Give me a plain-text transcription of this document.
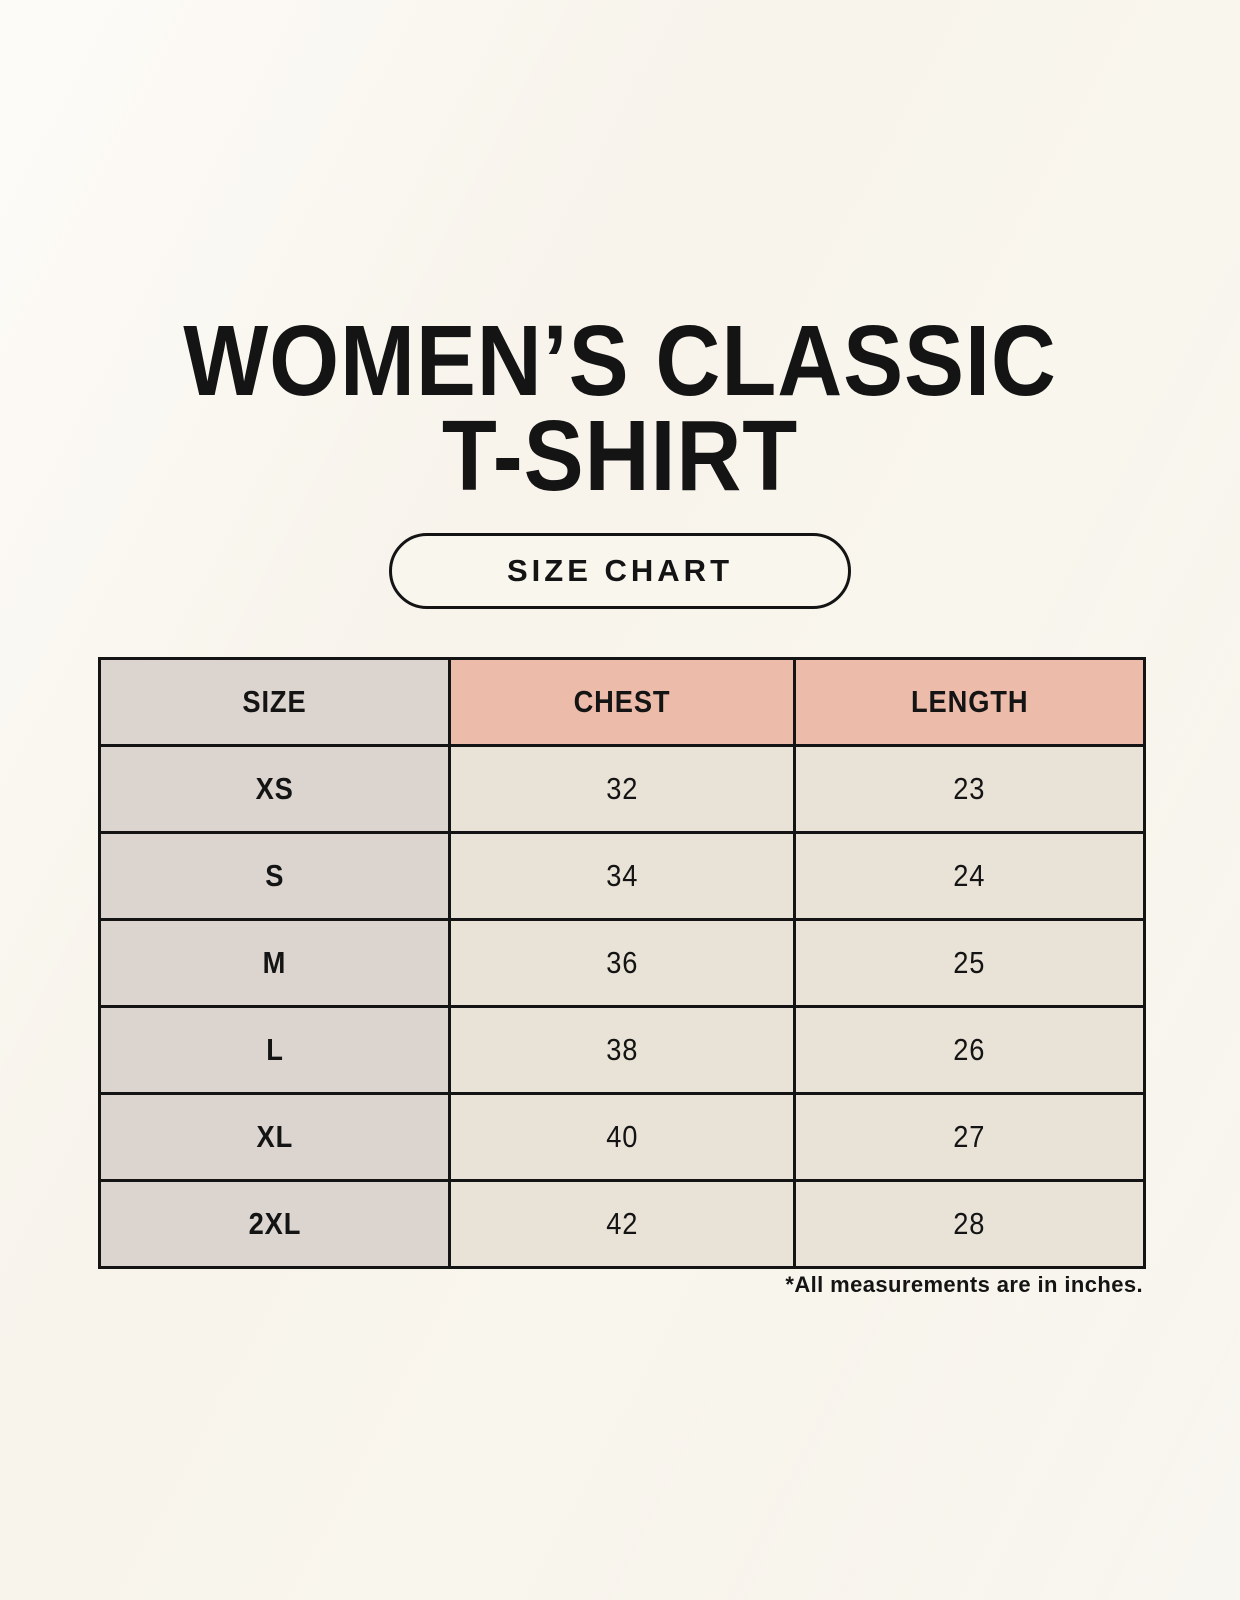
WOMEN’S CLASSIC
T-SHIRT
SIZE CHART
SIZE	CHEST	LENGTH
XS	32	23
S	34	24
M	36	25
L	38	26
XL	40	27
2XL	42	28
*All measurements are in inches.
